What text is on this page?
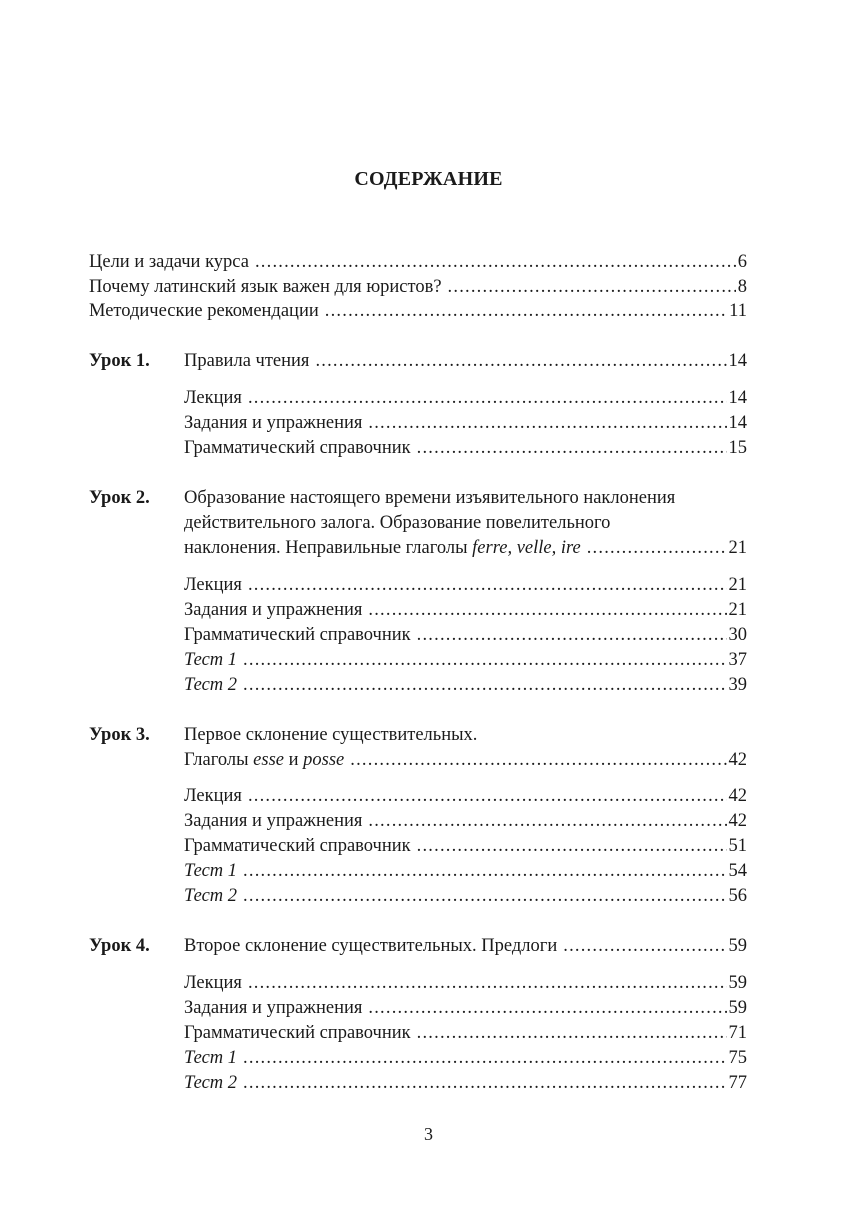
СОДЕРЖАНИЕ
Цели и задачи курса .....	6
Почему латинский язык важен для юристов? .....	8
Методические рекомендации .....	11
Урок 1. Правила чтения .....	14
Лекция .....	14
Задания и упражнения .....	14
Грамматический справочник .....	15
Урок 2. Образование настоящего времени изъявительного наклонения
действительного залога. Образование повелительного
наклонения. Неправильные глаголы ferre, velle, ire .....	21
Лекция .....	21
Задания и упражнения .....	21
Грамматический справочник .....	30
Тест 1 .....	37
Тест 2 .....	39
Урок 3. Первое склонение существительных.
Глаголы esse и posse .....	42
Лекция .....	42
Задания и упражнения .....	42
Грамматический справочник .....	51
Тест 1 .....	54
Тест 2 .....	56
Урок 4. Второе склонение существительных. Предлоги .....	59
Лекция .....	59
Задания и упражнения .....	59
Грамматический справочник .....	71
Тест 1 .....	75
Тест 2 .....	77
3
